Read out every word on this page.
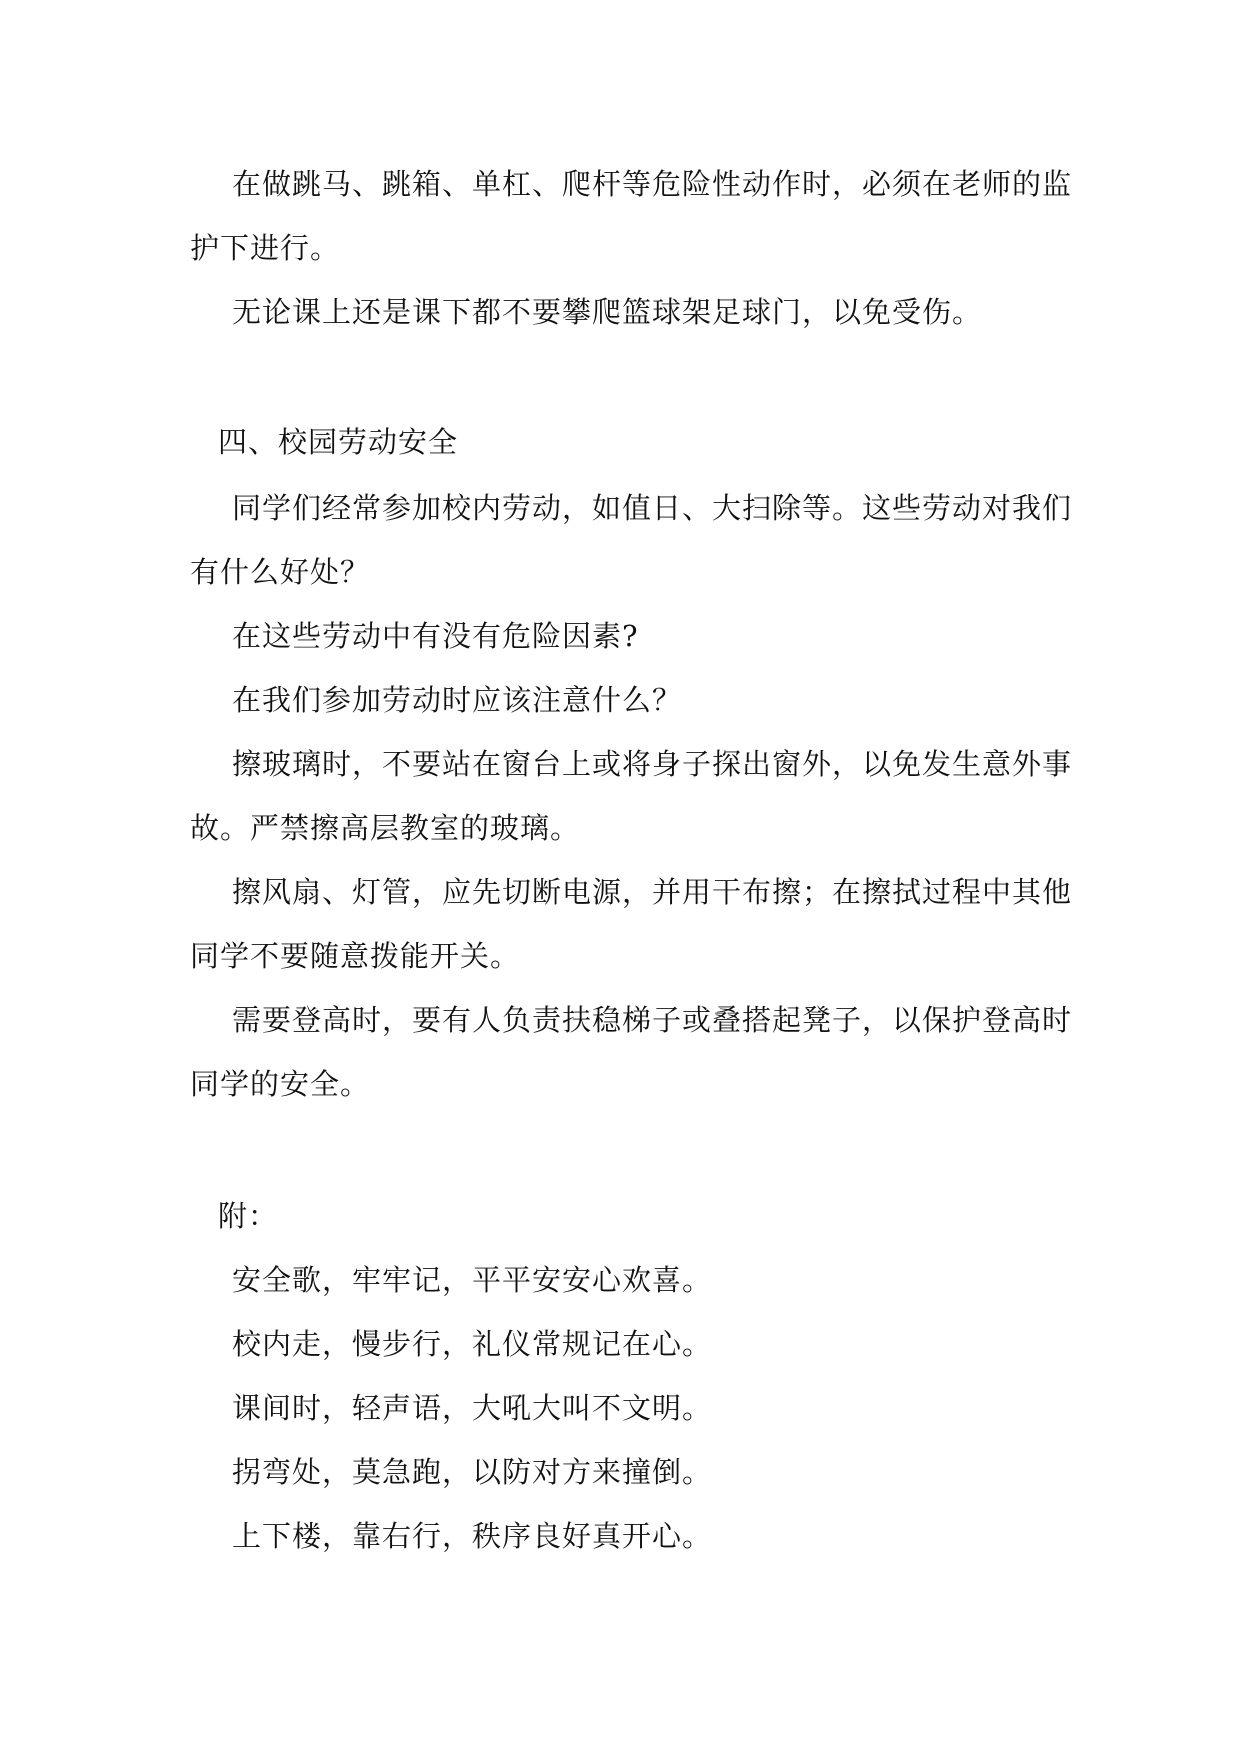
在做跳马、跳箱、单杠、爬杆等危险性动作时，必须在老师的监
护下进行。
无论课上还是课下都不要攀爬篮球架足球门，以免受伤。
四、校园劳动安全
同学们经常参加校内劳动，如值日、大扫除等。这些劳动对我们
有什么好处？
在这些劳动中有没有危险因素?
在我们参加劳动时应该注意什么？
擦玻璃时，不要站在窗台上或将身子探出窗外，以免发生意外事
故。严禁擦高层教室的玻璃。
擦风扇、灯管，应先切断电源，并用干布擦；在擦拭过程中其他
同学不要随意拨能开关。
需要登高时，要有人负责扶稳梯子或叠搭起凳子，以保护登高时
同学的安全。
附：
安全歌，牢牢记，平平安安心欢喜。
校内走，慢步行，礼仪常规记在心。
课间时，轻声语，大吼大叫不文明。
拐弯处，莫急跑，以防对方来撞倒。
上下楼，靠右行，秩序良好真开心。
